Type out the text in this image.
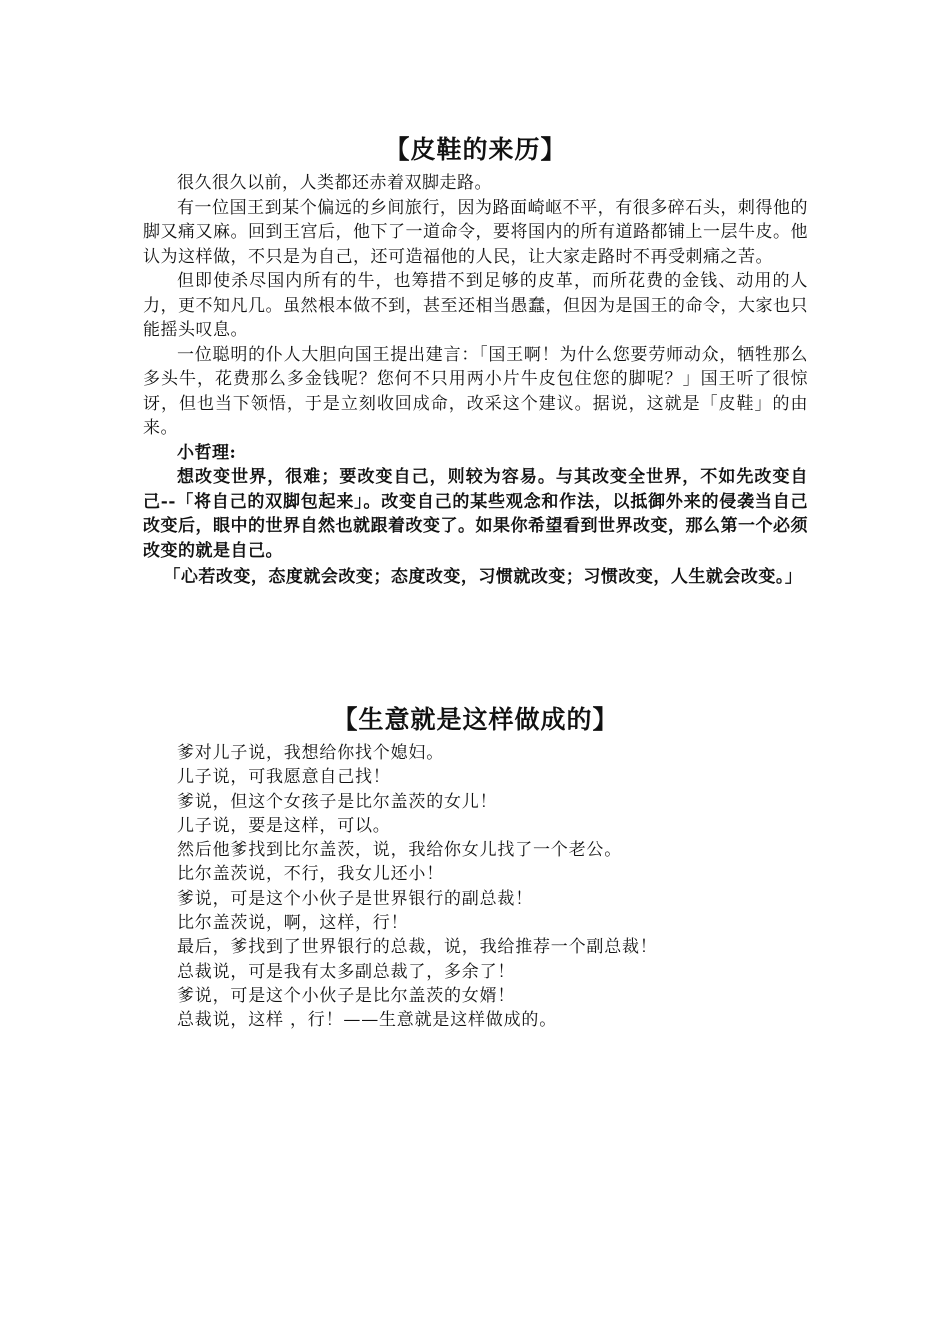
【皮鞋的来历】

很久很久以前，人类都还赤着双脚走路。

有一位国王到某个偏远的乡间旅行，因为路面崎岖不平，有很多碎石头，刺得他的脚又痛又麻。回到王宫后，他下了一道命令，要将国内的所有道路都铺上一层牛皮。他认为这样做，不只是为自己，还可造福他的人民，让大家走路时不再受刺痛之苦。

但即使杀尽国内所有的牛，也筹措不到足够的皮革，而所花费的金钱、动用的人力，更不知凡几。虽然根本做不到，甚至还相当愚蠢，但因为是国王的命令，大家也只能摇头叹息。

一位聪明的仆人大胆向国王提出建言：「国王啊！为什么您要劳师动众，牺牲那么多头牛，花费那么多金钱呢？您何不只用两小片牛皮包住您的脚呢？」国王听了很惊讶，但也当下领悟，于是立刻收回成命，改采这个建议。据说，这就是「皮鞋」的由来。

小哲理:

想改变世界，很难；要改变自己，则较为容易。与其改变全世界，不如先改变自己--「将自己的双脚包起来」。改变自己的某些观念和作法，以抵御外来的侵袭当自己改变后，眼中的世界自然也就跟着改变了。如果你希望看到世界改变，那么第一个必须改变的就是自己。

「心若改变，态度就会改变；态度改变，习惯就改变；习惯改变，人生就会改变。」

【生意就是这样做成的】

爹对儿子说，我想给你找个媳妇。

儿子说，可我愿意自己找！

爹说，但这个女孩子是比尔盖茨的女儿！

儿子说，要是这样，可以。

然后他爹找到比尔盖茨，说，我给你女儿找了一个老公。

比尔盖茨说，不行，我女儿还小！

爹说，可是这个小伙子是世界银行的副总裁！

比尔盖茨说，啊，这样，行！

最后，爹找到了世界银行的总裁，说，我给推荐一个副总裁！

总裁说，可是我有太多副总裁了，多余了！

爹说，可是这个小伙子是比尔盖茨的女婿！

总裁说，这样 ，行！——生意就是这样做成的。
